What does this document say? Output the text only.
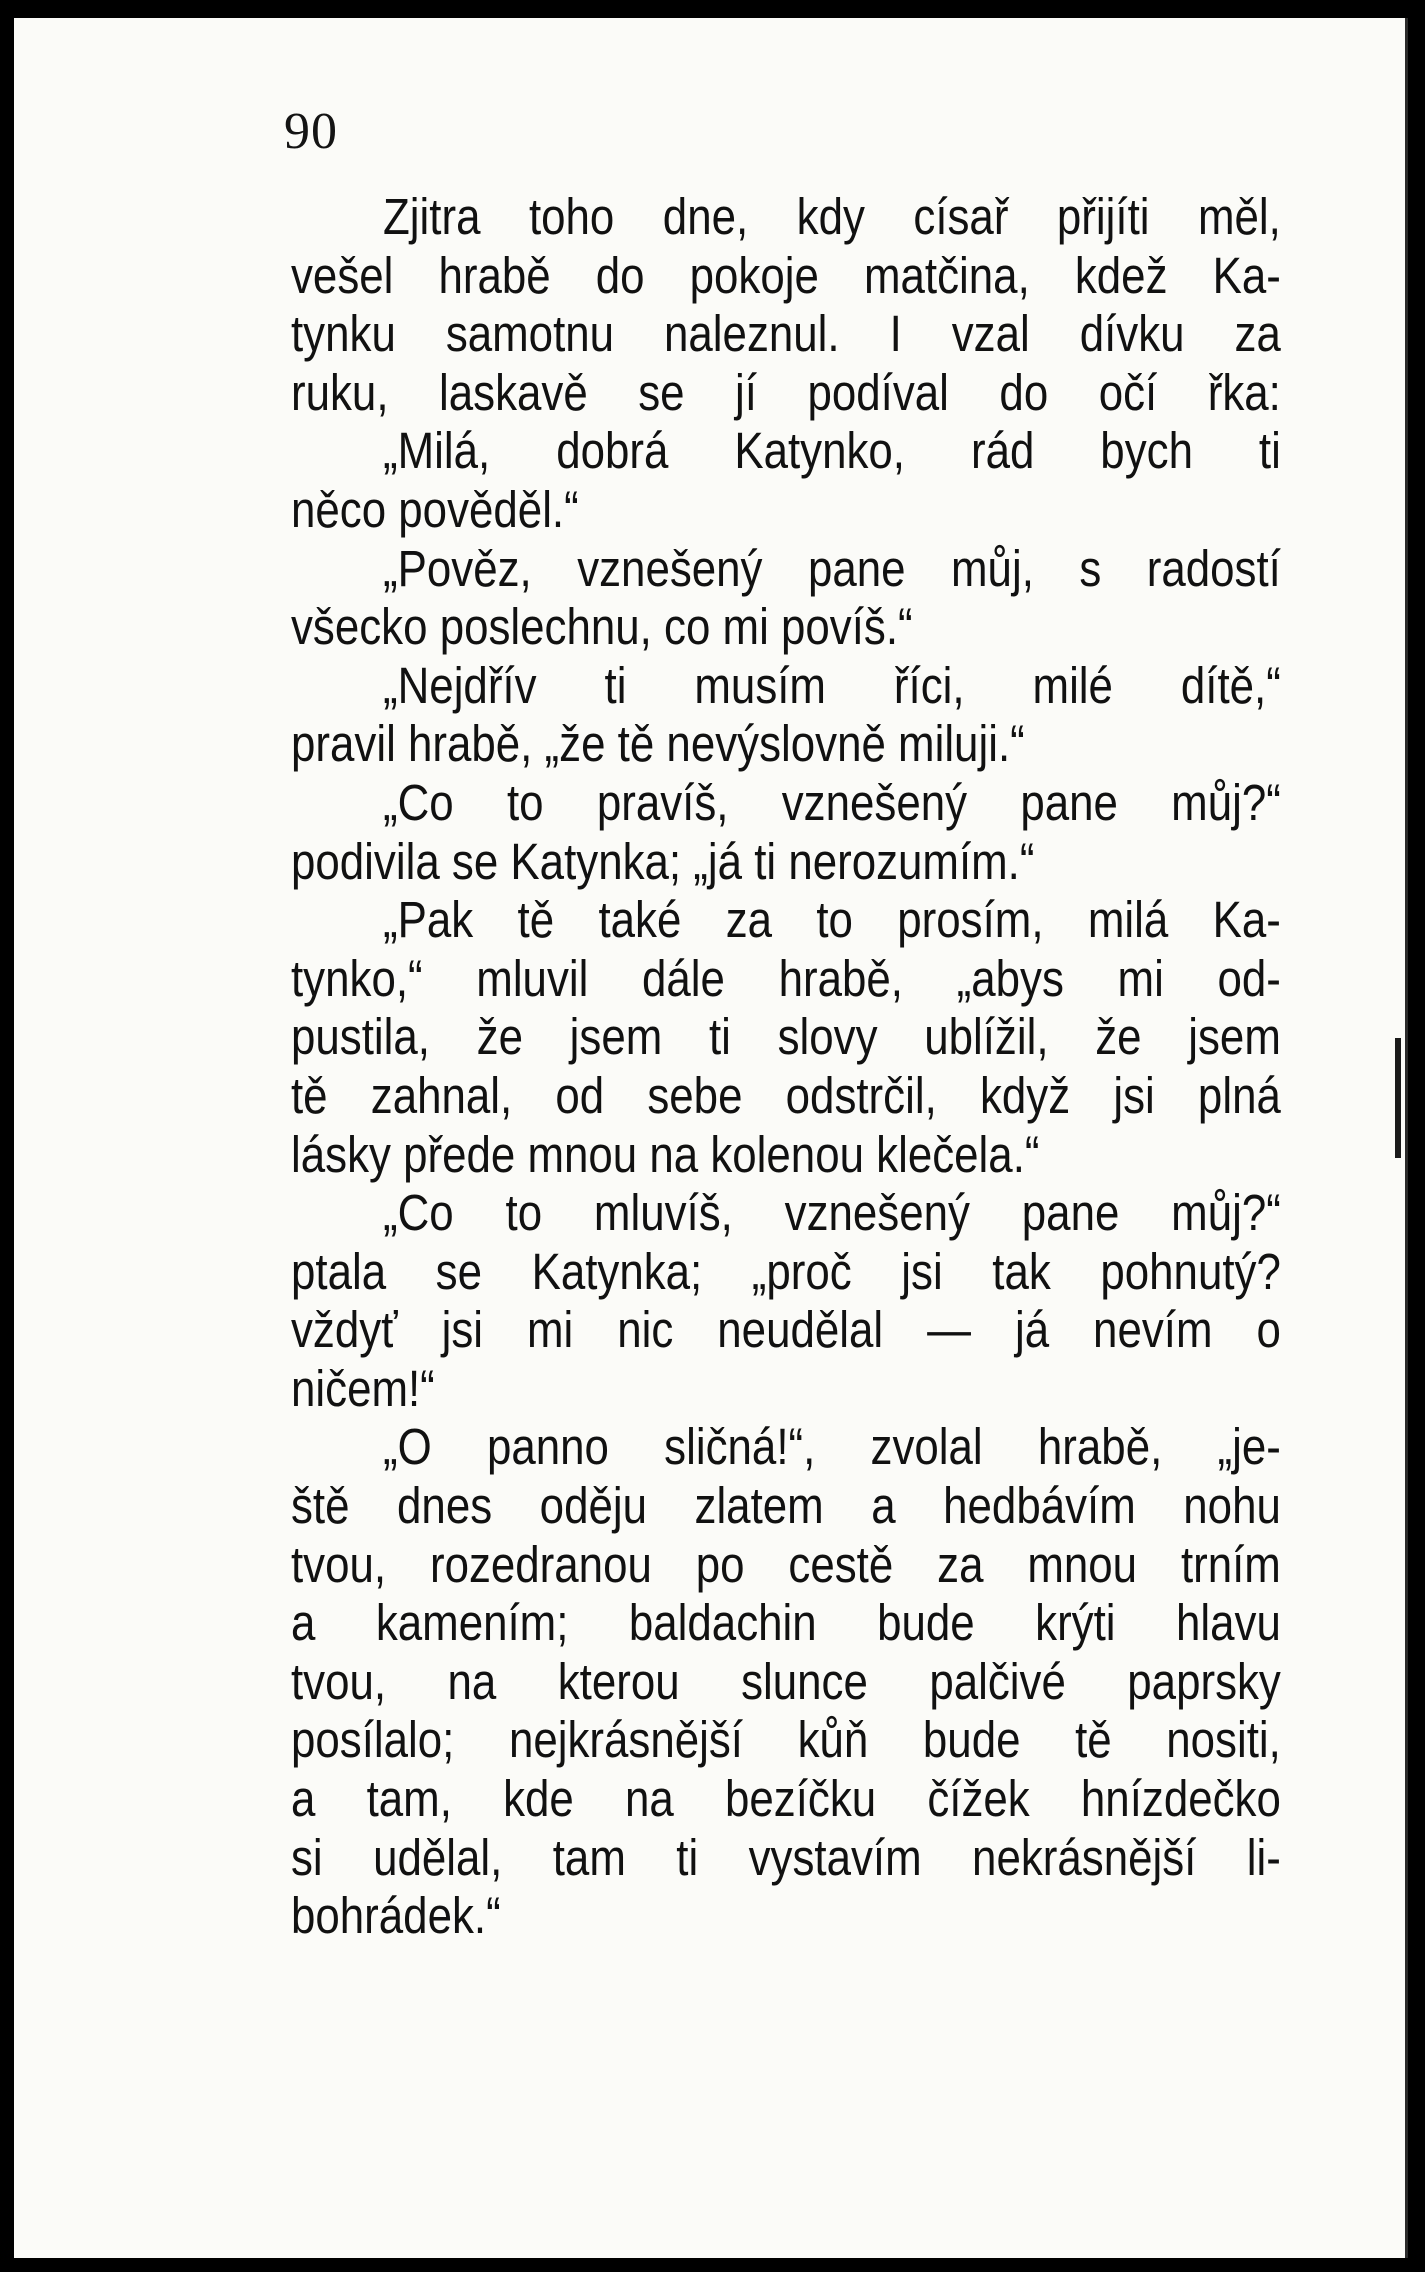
90
Zjitra toho dne, kdy císař přijíti měl,
vešel hrabě do pokoje matčina, kdež Ka-
tynku samotnu naleznul. I vzal dívku za
ruku, laskavě se jí podíval do očí řka:
„Milá, dobrá Katynko, rád bych ti
něco pověděl.“
„Pověz, vznešený pane můj, s radostí
všecko poslechnu, co mi povíš.“
„Nejdřív ti musím říci, milé dítě,“
pravil hrabě, „že tě nevýslovně miluji.“
„Co to pravíš, vznešený pane můj?“
podivila se Katynka; „já ti nerozumím.“
„Pak tě také za to prosím, milá Ka-
tynko,“ mluvil dále hrabě, „abys mi od-
pustila, že jsem ti slovy ublížil, že jsem
tě zahnal, od sebe odstrčil, když jsi plná
lásky přede mnou na kolenou klečela.“
„Co to mluvíš, vznešený pane můj?“
ptala se Katynka; „proč jsi tak pohnutý?
vždyť jsi mi nic neudělal — já nevím o
ničem!“
„O panno sličná!“, zvolal hrabě, „je-
ště dnes oděju zlatem a hedbávím nohu
tvou, rozedranou po cestě za mnou trním
a kamením; baldachin bude krýti hlavu
tvou, na kterou slunce palčivé paprsky
posílalo; nejkrásnější kůň bude tě nositi,
a tam, kde na bezíčku čížek hnízdečko
si udělal, tam ti vystavím nekrásnější li-
bohrádek.“
